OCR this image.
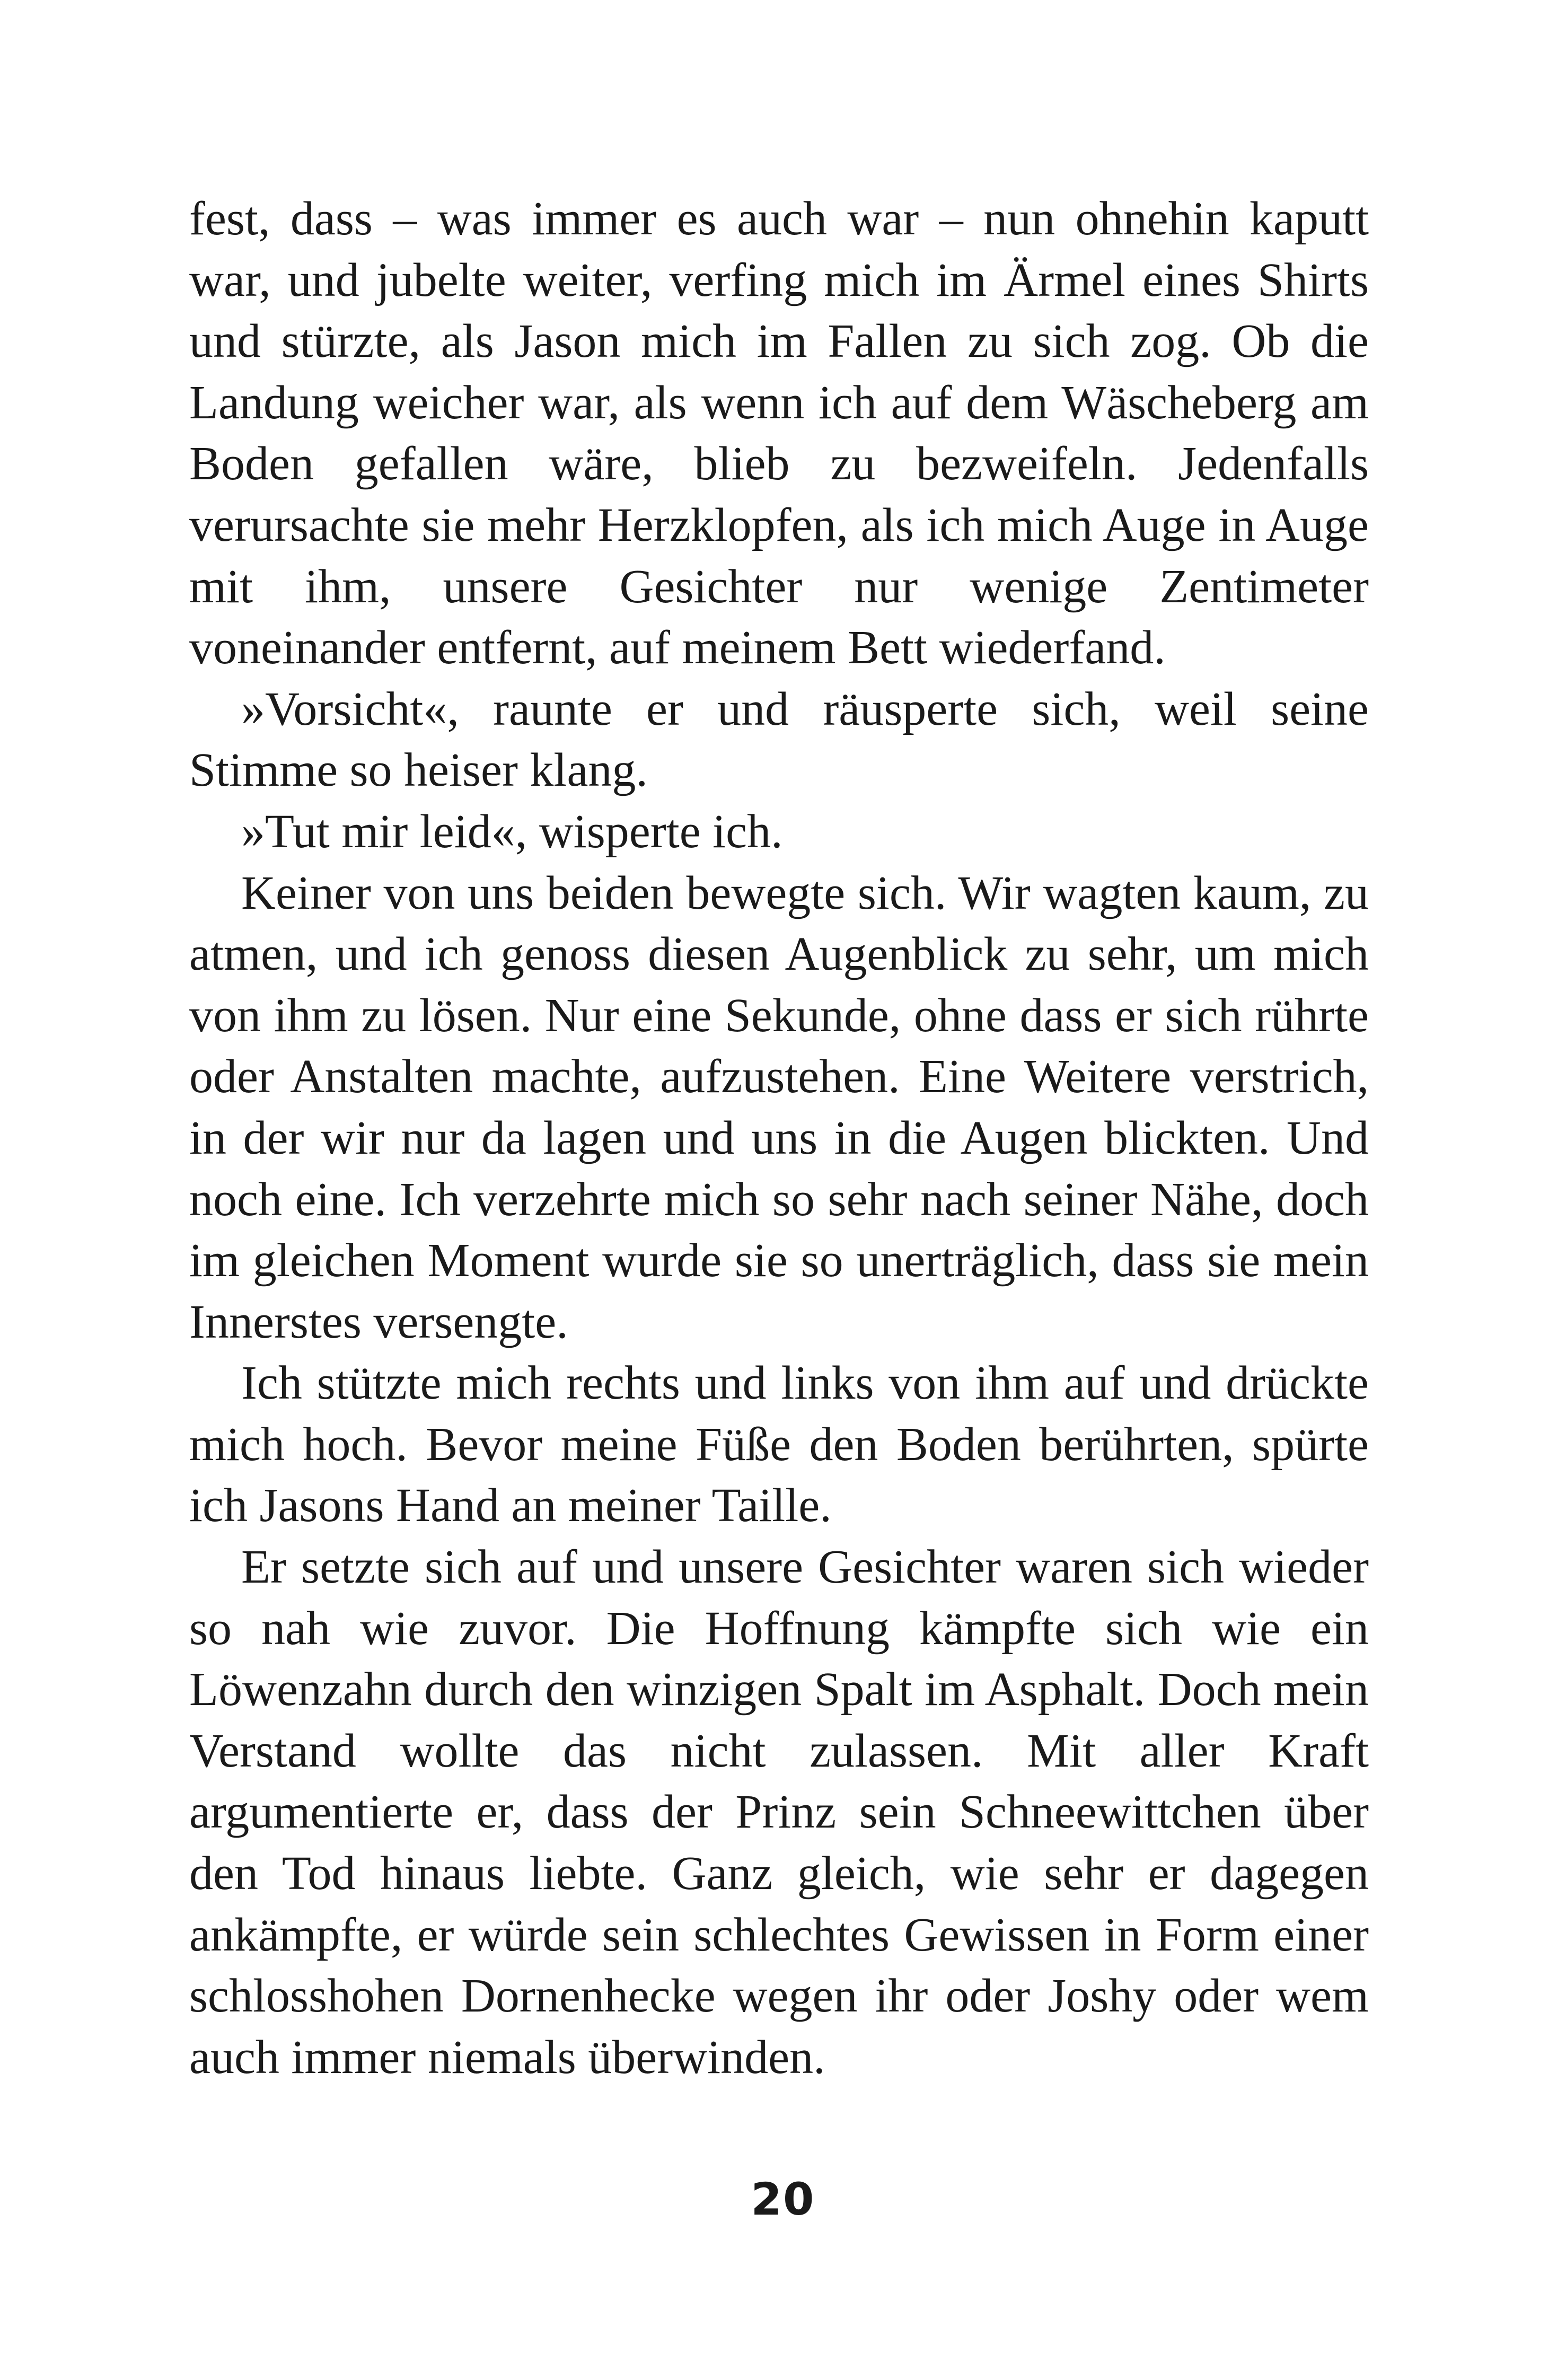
fest, dass – was immer es auch war – nun ohnehin kaputt war, und jubelte weiter, verfing mich im Ärmel eines Shirts und stürzte, als Jason mich im Fallen zu sich zog. Ob die Landung weicher war, als wenn ich auf dem Wäscheberg am Boden gefallen wäre, blieb zu bezweifeln. Jedenfalls verursachte sie mehr Herzklopfen, als ich mich Auge in Auge mit ihm, unsere Gesichter nur wenige Zentimeter voneinander entfernt, auf meinem Bett wiederfand.

»Vorsicht«, raunte er und räusperte sich, weil seine Stimme so heiser klang.

»Tut mir leid«, wisperte ich.

Keiner von uns beiden bewegte sich. Wir wagten kaum, zu atmen, und ich genoss diesen Augenblick zu sehr, um mich von ihm zu lösen. Nur eine Sekunde, ohne dass er sich rührte oder Anstalten machte, aufzustehen. Eine Weitere verstrich, in der wir nur da lagen und uns in die Augen blickten. Und noch eine. Ich verzehrte mich so sehr nach seiner Nähe, doch im gleichen Moment wurde sie so unerträglich, dass sie mein Innerstes versengte.

Ich stützte mich rechts und links von ihm auf und drückte mich hoch. Bevor meine Füße den Boden berührten, spürte ich Jasons Hand an meiner Taille.

Er setzte sich auf und unsere Gesichter waren sich wieder so nah wie zuvor. Die Hoffnung kämpfte sich wie ein Löwenzahn durch den winzigen Spalt im Asphalt. Doch mein Verstand wollte das nicht zulassen. Mit aller Kraft argumentierte er, dass der Prinz sein Schneewittchen über den Tod hinaus liebte. Ganz gleich, wie sehr er dagegen ankämpfte, er würde sein schlechtes Gewissen in Form einer schlosshohen Dornenhecke wegen ihr oder Joshy oder wem auch immer niemals überwinden.

20
